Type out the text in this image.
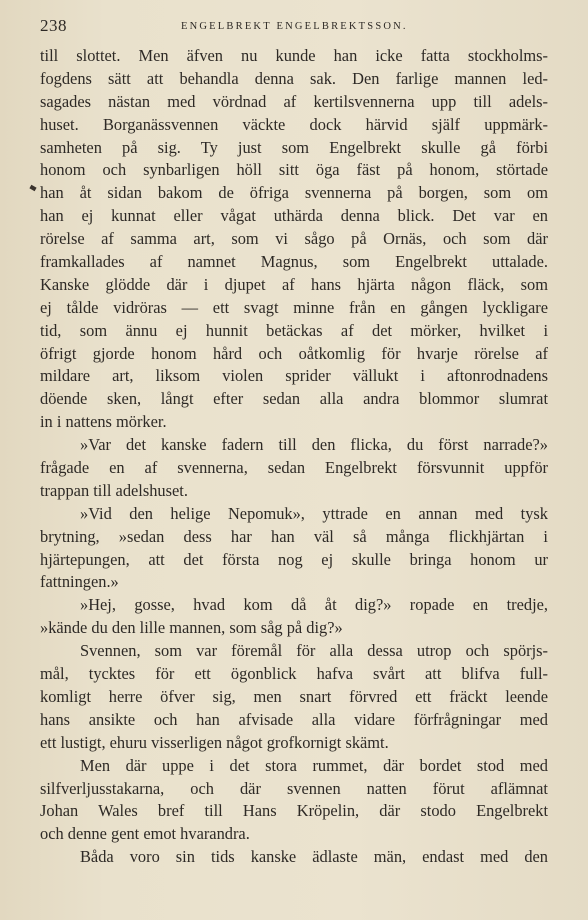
238	ENGELBREKT ENGELBREKTSSON.
till slottet. Men äfven nu kunde han icke fatta stockholms-
fogdens sätt att behandla denna sak. Den farlige mannen led-
sagades nästan med vördnad af kertilsvennerna upp till adels-
huset. Borganässvennen väckte dock härvid själf uppmärk-
samheten på sig. Ty just som Engelbrekt skulle gå förbi
honom och synbarligen höll sitt öga fäst på honom, störtade
han åt sidan bakom de öfriga svennerna på borgen, som om
han ej kunnat eller vågat uthärda denna blick. Det var en
rörelse af samma art, som vi sågo på Ornäs, och som där
framkallades af namnet Magnus, som Engelbrekt uttalade.
Kanske glödde där i djupet af hans hjärta någon fläck, som
ej tålde vidröras — ett svagt minne från en gången lyckligare
tid, som ännu ej hunnit betäckas af det mörker, hvilket i
öfrigt gjorde honom hård och oåtkomlig för hvarje rörelse af
mildare art, liksom violen sprider vällukt i aftonrodnadens
döende sken, långt efter sedan alla andra blommor slumrat
in i nattens mörker.
»Var det kanske fadern till den flicka, du först narrade?»
frågade en af svennerna, sedan Engelbrekt försvunnit uppför
trappan till adelshuset.
»Vid den helige Nepomuk», yttrade en annan med tysk
brytning, »sedan dess har han väl så många flickhjärtan i
hjärtepungen, att det första nog ej skulle bringa honom ur
fattningen.»
»Hej, gosse, hvad kom då åt dig?» ropade en tredje,
»kände du den lille mannen, som såg på dig?»
Svennen, som var föremål för alla dessa utrop och spörjs-
mål, tycktes för ett ögonblick hafva svårt att blifva full-
komligt herre öfver sig, men snart förvred ett fräckt leende
hans ansikte och han afvisade alla vidare förfrågningar med
ett lustigt, ehuru visserligen något grofkornigt skämt.
Men där uppe i det stora rummet, där bordet stod med
silfverljusstakarna, och där svennen natten förut aflämnat
Johan Wales bref till Hans Kröpelin, där stodo Engelbrekt
och denne gent emot hvarandra.
Båda voro sin tids kanske ädlaste män, endast med den
